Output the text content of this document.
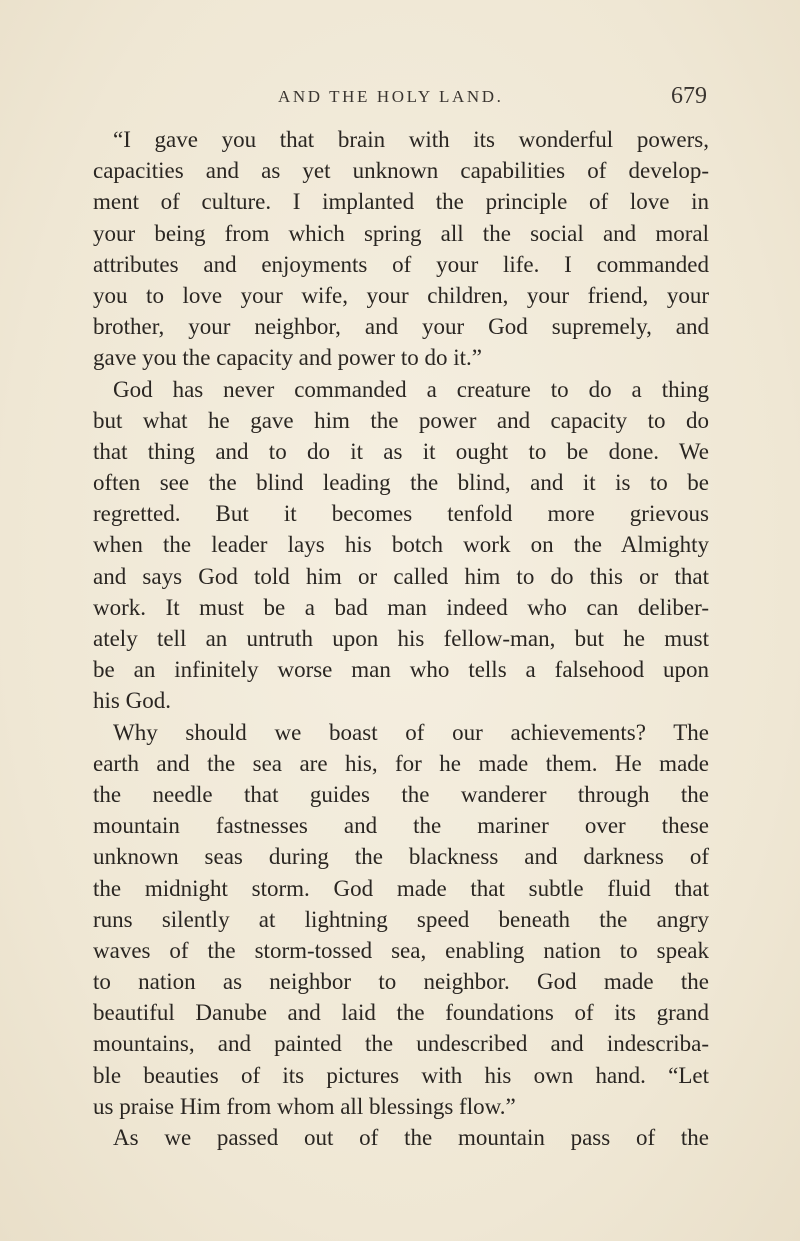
AND THE HOLY LAND.	679
“I gave you that brain with its wonderful powers,
capacities and as yet unknown capabilities of develop-
ment of culture. I implanted the principle of love in
your being from which spring all the social and moral
attributes and enjoyments of your life. I commanded
you to love your wife, your children, your friend, your
brother, your neighbor, and your God supremely, and
gave you the capacity and power to do it.”
God has never commanded a creature to do a thing
but what he gave him the power and capacity to do
that thing and to do it as it ought to be done. We
often see the blind leading the blind, and it is to be
regretted. But it becomes tenfold more grievous
when the leader lays his botch work on the Almighty
and says God told him or called him to do this or that
work. It must be a bad man indeed who can deliber-
ately tell an untruth upon his fellow-man, but he must
be an infinitely worse man who tells a falsehood upon
his God.
Why should we boast of our achievements? The
earth and the sea are his, for he made them. He made
the needle that guides the wanderer through the
mountain fastnesses and the mariner over these
unknown seas during the blackness and darkness of
the midnight storm. God made that subtle fluid that
runs silently at lightning speed beneath the angry
waves of the storm-tossed sea, enabling nation to speak
to nation as neighbor to neighbor. God made the
beautiful Danube and laid the foundations of its grand
mountains, and painted the undescribed and indescriba-
ble beauties of its pictures with his own hand. “Let
us praise Him from whom all blessings flow.”
As we passed out of the mountain pass of the
